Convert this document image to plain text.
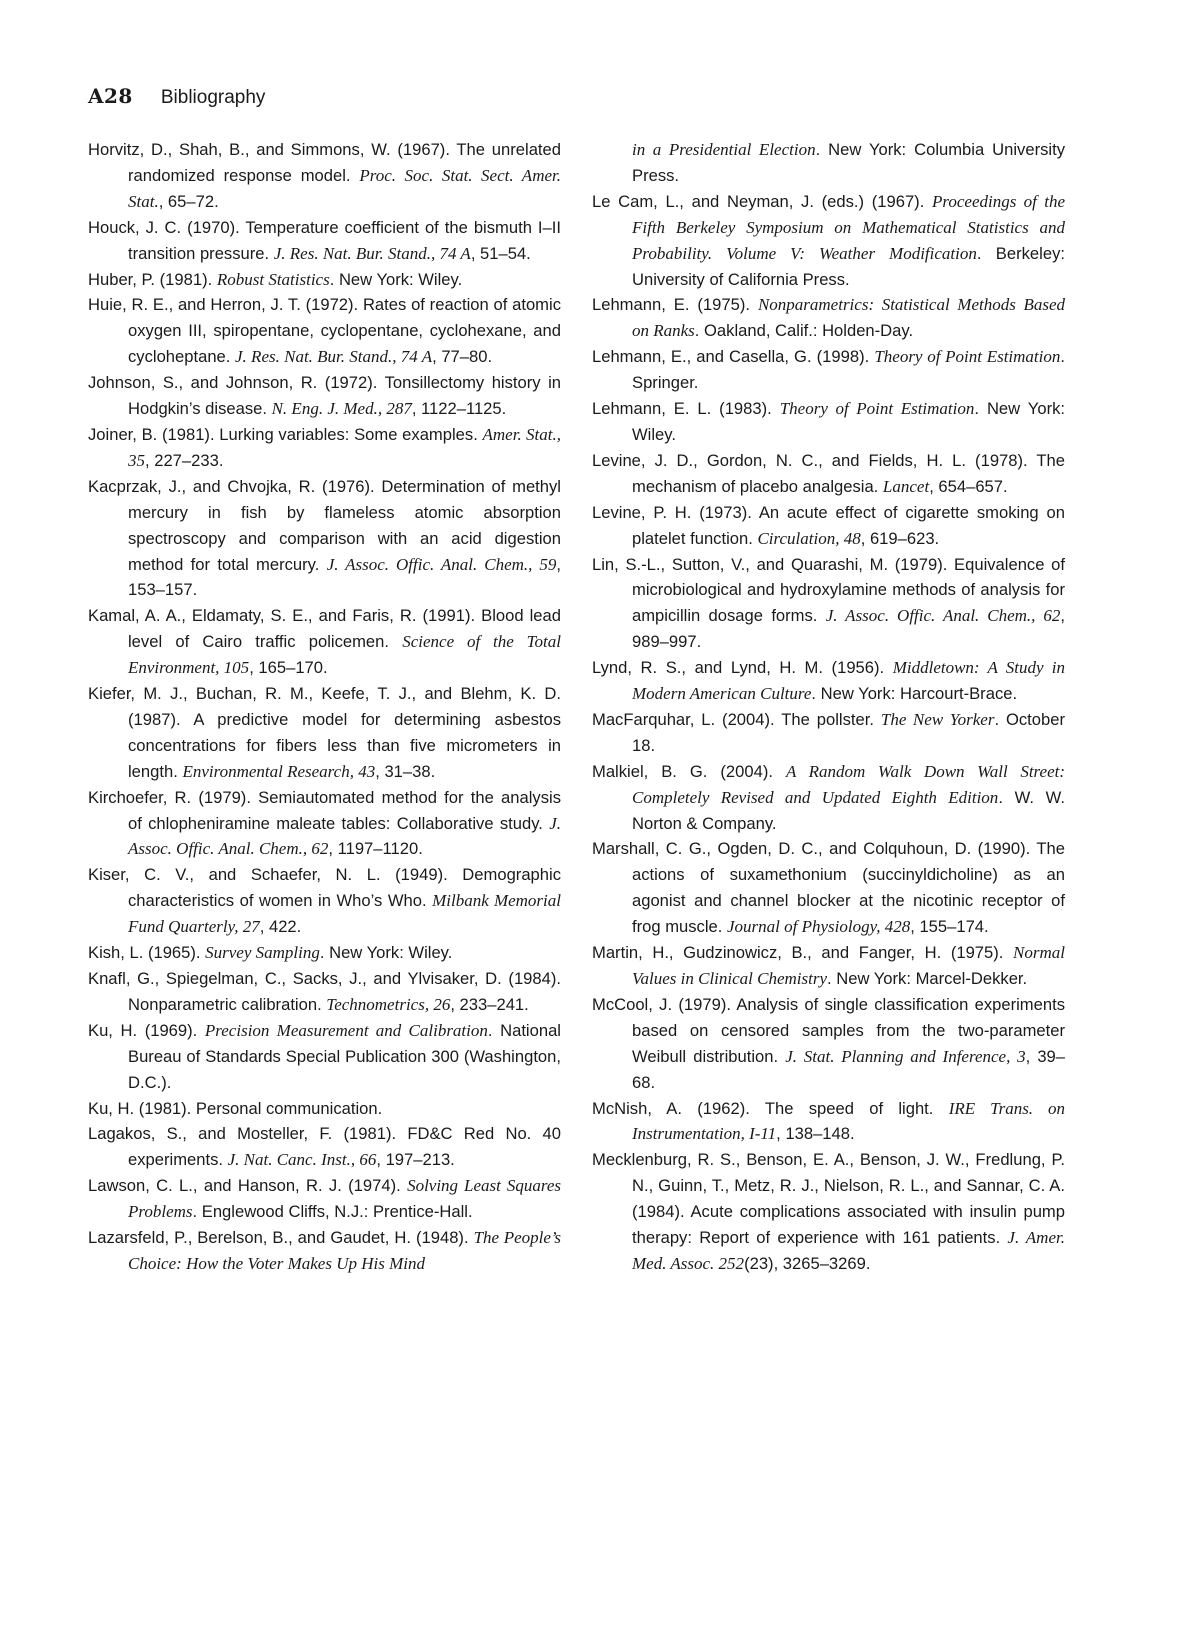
A28 Bibliography

Horvitz, D., Shah, B., and Simmons, W. (1967). The unrelated randomized response model. Proc. Soc. Stat. Sect. Amer. Stat., 65–72.

Houck, J. C. (1970). Temperature coefficient of the bismuth I–II transition pressure. J. Res. Nat. Bur. Stand., 74 A, 51–54.

Huber, P. (1981). Robust Statistics. New York: Wiley.

Huie, R. E., and Herron, J. T. (1972). Rates of reaction of atomic oxygen III, spiropentane, cyclopentane, cyclohexane, and cycloheptane. J. Res. Nat. Bur. Stand., 74 A, 77–80.

Johnson, S., and Johnson, R. (1972). Tonsillectomy history in Hodgkin’s disease. N. Eng. J. Med., 287, 1122–1125.

Joiner, B. (1981). Lurking variables: Some examples. Amer. Stat., 35, 227–233.

Kacprzak, J., and Chvojka, R. (1976). Determination of methyl mercury in fish by flameless atomic absorption spectroscopy and comparison with an acid digestion method for total mercury. J. Assoc. Offic. Anal. Chem., 59, 153–157.

Kamal, A. A., Eldamaty, S. E., and Faris, R. (1991). Blood lead level of Cairo traffic policemen. Science of the Total Environment, 105, 165–170.

Kiefer, M. J., Buchan, R. M., Keefe, T. J., and Blehm, K. D. (1987). A predictive model for determining asbestos concentrations for fibers less than five micrometers in length. Environmental Research, 43, 31–38.

Kirchoefer, R. (1979). Semiautomated method for the analysis of chlopheniramine maleate tables: Collaborative study. J. Assoc. Offic. Anal. Chem., 62, 1197–1120.

Kiser, C. V., and Schaefer, N. L. (1949). Demographic characteristics of women in Who’s Who. Milbank Memorial Fund Quarterly, 27, 422.

Kish, L. (1965). Survey Sampling. New York: Wiley.

Knafl, G., Spiegelman, C., Sacks, J., and Ylvisaker, D. (1984). Nonparametric calibration. Technometrics, 26, 233–241.

Ku, H. (1969). Precision Measurement and Calibration. National Bureau of Standards Special Publication 300 (Washington, D.C.).

Ku, H. (1981). Personal communication.

Lagakos, S., and Mosteller, F. (1981). FD&C Red No. 40 experiments. J. Nat. Canc. Inst., 66, 197–213.

Lawson, C. L., and Hanson, R. J. (1974). Solving Least Squares Problems. Englewood Cliffs, N.J.: Prentice-Hall.

Lazarsfeld, P., Berelson, B., and Gaudet, H. (1948). The People’s Choice: How the Voter Makes Up His Mind

in a Presidential Election. New York: Columbia University Press.

Le Cam, L., and Neyman, J. (eds.) (1967). Proceedings of the Fifth Berkeley Symposium on Mathematical Statistics and Probability. Volume V: Weather Modification. Berkeley: University of California Press.

Lehmann, E. (1975). Nonparametrics: Statistical Methods Based on Ranks. Oakland, Calif.: Holden-Day.

Lehmann, E., and Casella, G. (1998). Theory of Point Estimation. Springer.

Lehmann, E. L. (1983). Theory of Point Estimation. New York: Wiley.

Levine, J. D., Gordon, N. C., and Fields, H. L. (1978). The mechanism of placebo analgesia. Lancet, 654–657.

Levine, P. H. (1973). An acute effect of cigarette smoking on platelet function. Circulation, 48, 619–623.

Lin, S.-L., Sutton, V., and Quarashi, M. (1979). Equivalence of microbiological and hydroxylamine methods of analysis for ampicillin dosage forms. J. Assoc. Offic. Anal. Chem., 62, 989–997.

Lynd, R. S., and Lynd, H. M. (1956). Middletown: A Study in Modern American Culture. New York: Harcourt-Brace.

MacFarquhar, L. (2004). The pollster. The New Yorker. October 18.

Malkiel, B. G. (2004). A Random Walk Down Wall Street: Completely Revised and Updated Eighth Edition. W. W. Norton & Company.

Marshall, C. G., Ogden, D. C., and Colquhoun, D. (1990). The actions of suxamethonium (succinyldicholine) as an agonist and channel blocker at the nicotinic receptor of frog muscle. Journal of Physiology, 428, 155–174.

Martin, H., Gudzinowicz, B., and Fanger, H. (1975). Normal Values in Clinical Chemistry. New York: Marcel-Dekker.

McCool, J. (1979). Analysis of single classification experiments based on censored samples from the two-parameter Weibull distribution. J. Stat. Planning and Inference, 3, 39–68.

McNish, A. (1962). The speed of light. IRE Trans. on Instrumentation, I-11, 138–148.

Mecklenburg, R. S., Benson, E. A., Benson, J. W., Fredlung, P. N., Guinn, T., Metz, R. J., Nielson, R. L., and Sannar, C. A. (1984). Acute complications associated with insulin pump therapy: Report of experience with 161 patients. J. Amer. Med. Assoc. 252(23), 3265–3269.
